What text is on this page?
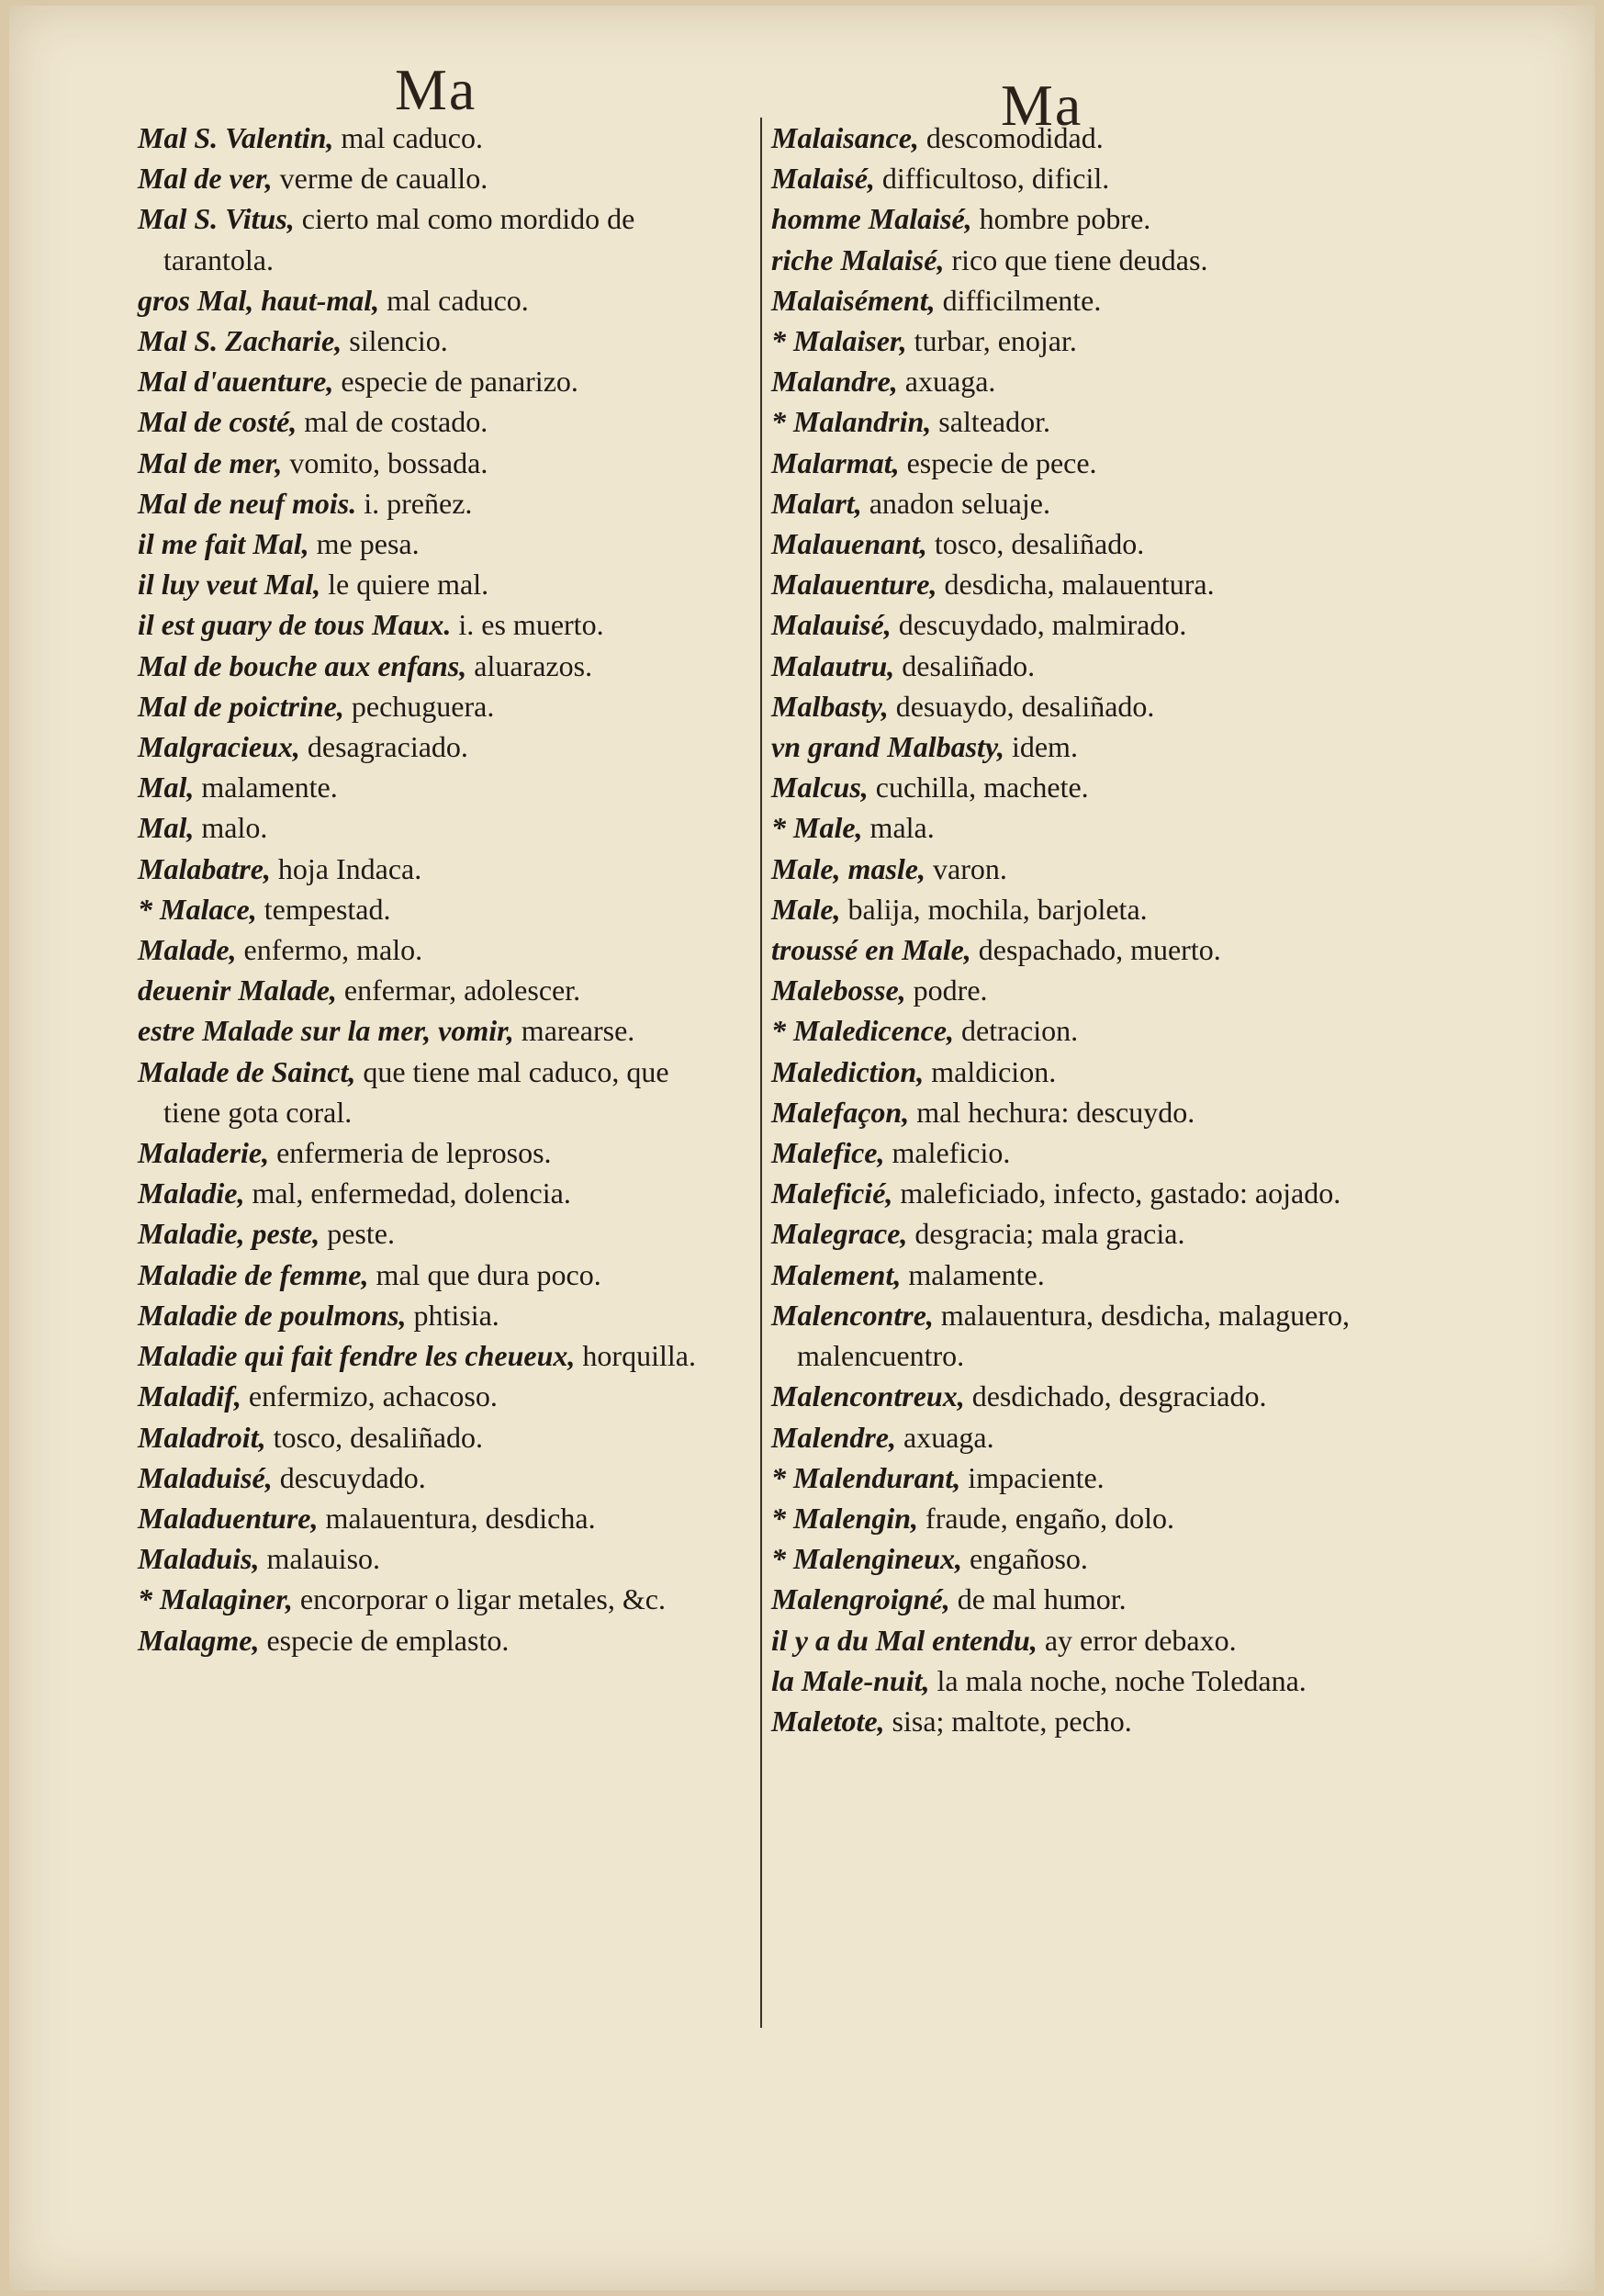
Ma	Ma
Mal S. Valentin, mal caduco.
Mal de ver, verme de cauallo.
Mal S. Vitus, cierto mal como mordido de tarantola.
gros Mal, haut-mal, mal caduco.
Mal S. Zacharie, silencio.
Mal d'auenture, especie de panarizo.
Mal de costé, mal de costado.
Mal de mer, vomito, bossada.
Mal de neuf mois. i. preñez.
il me fait Mal, me pesa.
il luy veut Mal, le quiere mal.
il est guary de tous Maux. i. es muerto.
Mal de bouche aux enfans, aluarazos.
Mal de poictrine, pechuguera.
Malgracieux, desagraciado.
Mal, malamente.
Mal, malo.
Malabatre, hoja Indaca.
* Malace, tempestad.
Malade, enfermo, malo.
deuenir Malade, enfermar, adolescer.
estre Malade sur la mer, vomir, marearse.
Malade de Sainct, que tiene mal caduco, que tiene gota coral.
Maladerie, enfermeria de leprosos.
Maladie, mal, enfermedad, dolencia.
Maladie, peste, peste.
Maladie de femme, mal que dura poco.
Maladie de poulmons, phtisia.
Maladie qui fait fendre les cheueux, horquilla.
Maladif, enfermizo, achacoso.
Maladroit, tosco, desaliñado.
Maladuisé, descuydado.
Maladuenture, malauentura, desdicha.
Maladuis, malauiso.
* Malaginer, encorporar o ligar metales, &c.
Malagme, especie de emplasto.
Malaisance, descomodidad.
Malaisé, difficultoso, dificil.
homme Malaisé, hombre pobre.
riche Malaisé, rico que tiene deudas.
Malaisément, difficilmente.
* Malaiser, turbar, enojar.
Malandre, axuaga.
* Malandrin, salteador.
Malarmat, especie de pece.
Malart, anadon seluaje.
Malauenant, tosco, desaliñado.
Malauenture, desdicha, malauentura.
Malauisé, descuydado, malmirado.
Malautru, desaliñado.
Malbasty, desuaydo, desaliñado.
vn grand Malbasty, idem.
Malcus, cuchilla, machete.
* Male, mala.
Male, masle, varon.
Male, balija, mochila, barjoleta.
troussé en Male, despachado, muerto.
Malebosse, podre.
* Maledicence, detracion.
Malediction, maldicion.
Malefaçon, mal hechura: descuydo.
Malefice, maleficio.
Maleficié, maleficiado, infecto, gastado: aojado.
Malegrace, desgracia; mala gracia.
Malement, malamente.
Malencontre, malauentura, desdicha, malaguero, malencuentro.
Malencontreux, desdichado, desgraciado.
Malendre, axuaga.
* Malendurant, impaciente.
* Malengin, fraude, engaño, dolo.
* Malengineux, engañoso.
Malengroigné, de mal humor.
il y a du Mal entendu, ay error debaxo.
la Male-nuit, la mala noche, noche Toledana.
Maletote, sisa; maltote, pecho.
